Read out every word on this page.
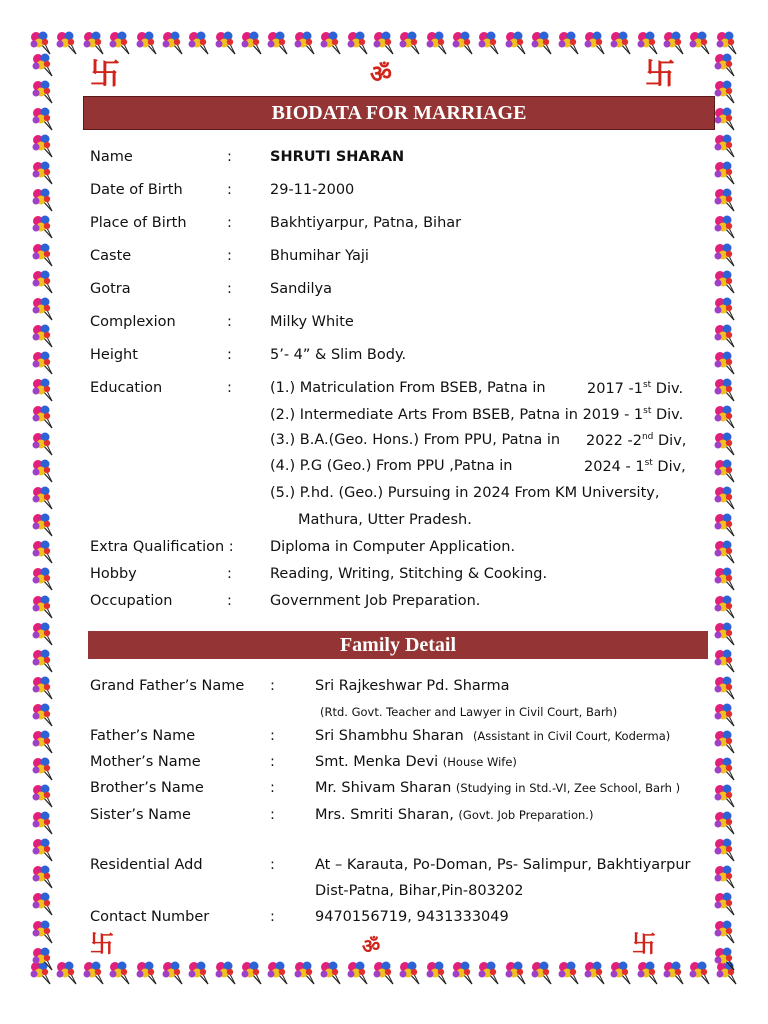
卐	ॐ	卐
BIODATA FOR MARRIAGE
Name	:	SHRUTI SHARAN
Date of Birth	:	29-11-2000
Place of Birth	:	Bakhtiyarpur, Patna, Bihar
Caste	:	Bhumihar Yaji
Gotra	:	Sandilya
Complexion	:	Milky White
Height	:	5’- 4” & Slim Body.
Education	:	(1.) Matriculation From BSEB, Patna in	2017 -1st Div.
(2.) Intermediate Arts From BSEB, Patna in 2019 - 1st Div.
(3.) B.A.(Geo. Hons.) From PPU, Patna in 2022 -2nd Div,
(4.) P.G (Geo.) From PPU ,Patna in	2024 - 1st Div,
(5.) P.hd. (Geo.) Pursuing in 2024 From KM University,
Mathura, Utter Pradesh.
Extra Qualification :	Diploma in Computer Application.
Hobby	:	Reading, Writing, Stitching & Cooking.
Occupation	:	Government Job Preparation.
Family Detail
Grand Father’s Name :	Sri Rajkeshwar Pd. Sharma
(Rtd. Govt. Teacher and Lawyer in Civil Court, Barh)
Father’s Name	:	Sri Shambhu Sharan (Assistant in Civil Court, Koderma)
Mother’s Name	:	Smt. Menka Devi (House Wife)
Brother’s Name	:	Mr. Shivam Sharan (Studying in Std.-VI, Zee School, Barh )
Sister’s Name	:	Mrs. Smriti Sharan, (Govt. Job Preparation.)
Residential Add	:	At – Karauta, Po-Doman, Ps- Salimpur, Bakhtiyarpur
Dist-Patna, Bihar,Pin-803202
Contact Number	:	9470156719, 9431333049
卐	ॐ	卐
